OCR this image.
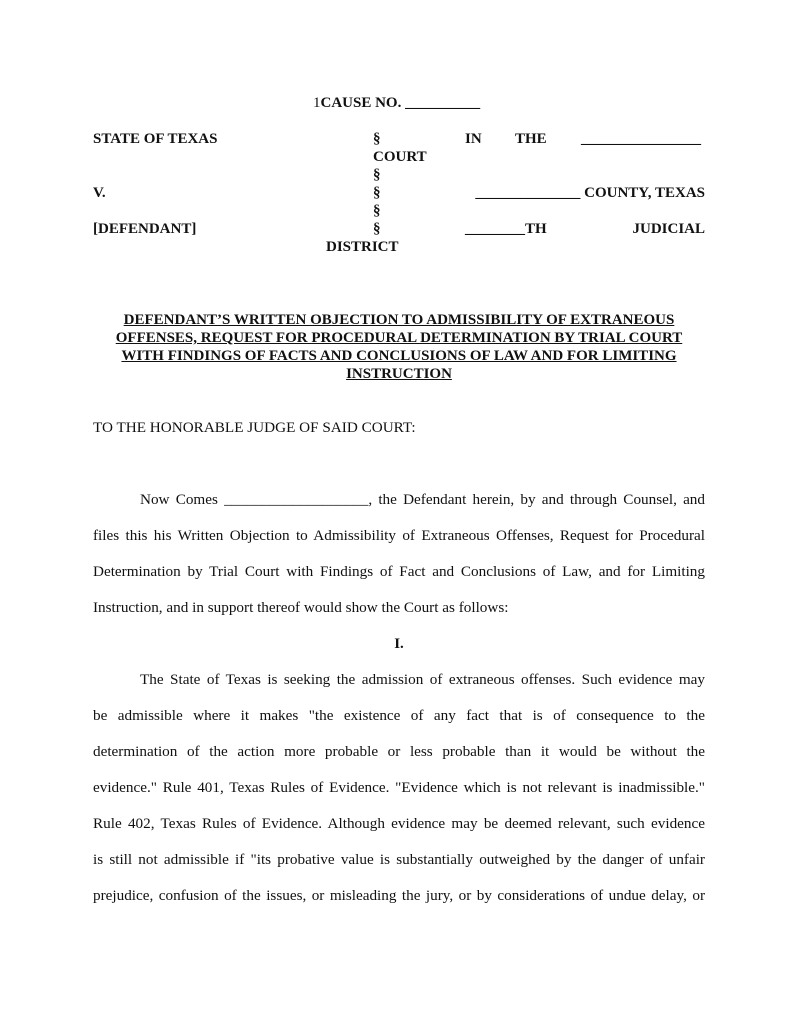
1CAUSE NO. __________
STATE OF TEXAS
V.
[DEFENDANT]
§
§
§
§
§
IN THE ________________
COURT
______________ COUNTY, TEXAS
________TH	JUDICIAL
DISTRICT
DEFENDANT’S WRITTEN OBJECTION TO ADMISSIBILITY OF EXTRANEOUS
OFFENSES, REQUEST FOR PROCEDURAL DETERMINATION BY TRIAL COURT
WITH FINDINGS OF FACTS AND CONCLUSIONS OF LAW AND FOR LIMITING
INSTRUCTION
TO THE HONORABLE JUDGE OF SAID COURT:
Now Comes ___________________, the Defendant herein, by and through Counsel, and
files this his Written Objection to Admissibility of Extraneous Offenses, Request for Procedural
Determination by Trial Court with Findings of Fact and Conclusions of Law, and for Limiting
Instruction, and in support thereof would show the Court as follows:
I.
The State of Texas is seeking the admission of extraneous offenses. Such evidence may
be admissible where it makes "the existence of any fact that is of consequence to the
determination of the action more probable or less probable than it would be without the
evidence." Rule 401, Texas Rules of Evidence. "Evidence which is not relevant is inadmissible."
Rule 402, Texas Rules of Evidence. Although evidence may be deemed relevant, such evidence
is still not admissible if "its probative value is substantially outweighed by the danger of unfair
prejudice, confusion of the issues, or misleading the jury, or by considerations of undue delay, or
